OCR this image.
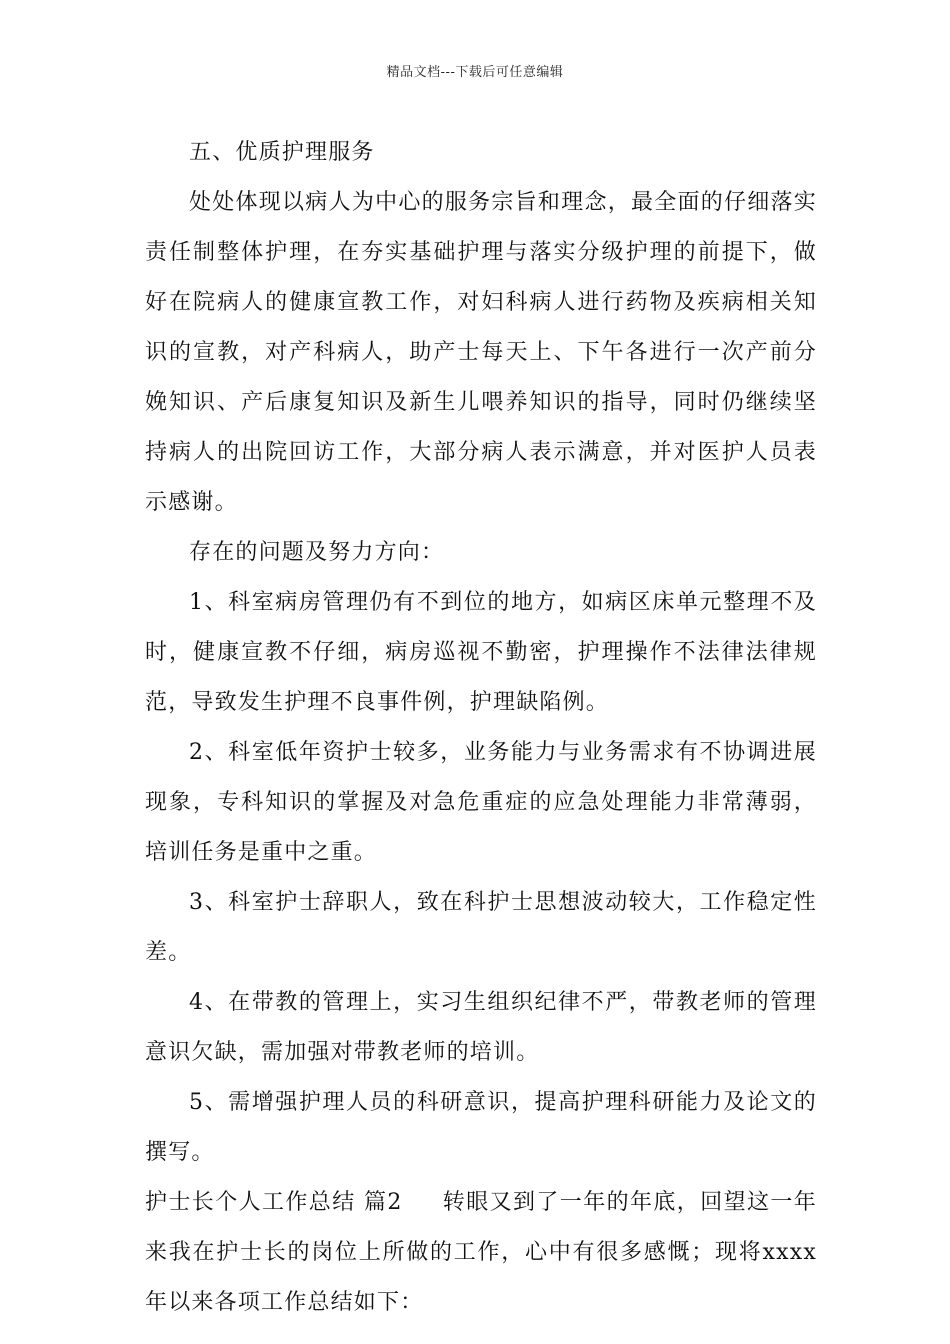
精品文档---下载后可任意编辑

五、优质护理服务

处处体现以病人为中心的服务宗旨和理念，最全面的仔细落实责任制整体护理，在夯实基础护理与落实分级护理的前提下，做好在院病人的健康宣教工作，对妇科病人进行药物及疾病相关知识的宣教，对产科病人，助产士每天上、下午各进行一次产前分娩知识、产后康复知识及新生儿喂养知识的指导，同时仍继续坚持病人的出院回访工作，大部分病人表示满意，并对医护人员表示感谢。

存在的问题及努力方向：

1、科室病房管理仍有不到位的地方，如病区床单元整理不及时，健康宣教不仔细，病房巡视不勤密，护理操作不法律法律规范，导致发生护理不良事件例，护理缺陷例。

2、科室低年资护士较多，业务能力与业务需求有不协调进展现象，专科知识的掌握及对急危重症的应急处理能力非常薄弱，培训任务是重中之重。

3、科室护士辞职人，致在科护士思想波动较大，工作稳定性差。

4、在带教的管理上，实习生组织纪律不严，带教老师的管理意识欠缺，需加强对带教老师的培训。

5、需增强护理人员的科研意识，提高护理科研能力及论文的撰写。

护士长个人工作总结 篇2 转眼又到了一年的年底，回望这一年来我在护士长的岗位上所做的工作，心中有很多感慨；现将xxxx年以来各项工作总结如下：
